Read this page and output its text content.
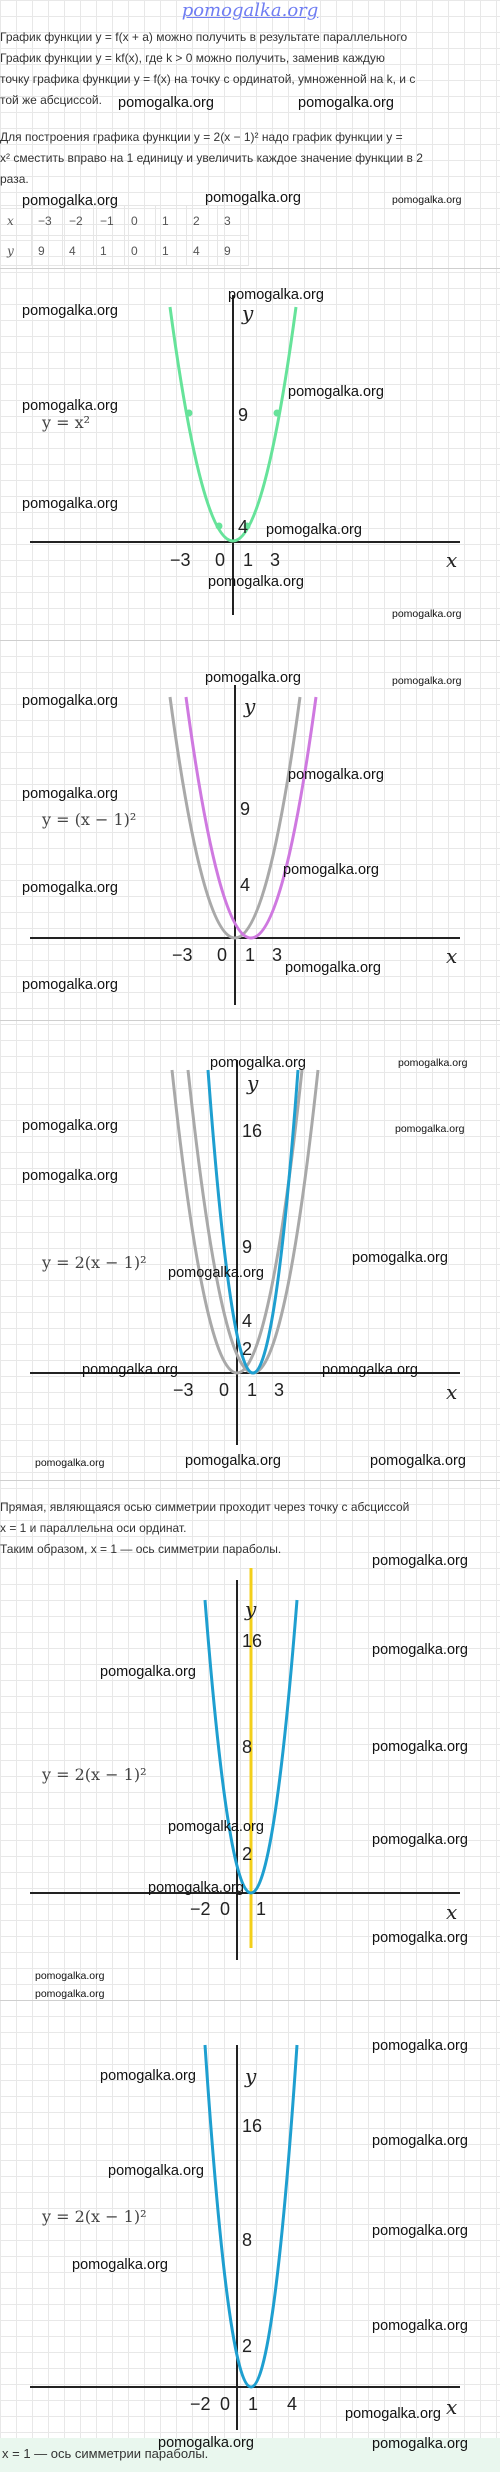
pomogalka.org
График функции y = f(x + a) можно получить в результате параллельного
График функции y = kf(x), где k > 0 можно получить, заменив каждую
точку графика функции y = f(x) на точку с ординатой, умноженной на k, и с
той же абсциссой.
Для построения графика функции y = 2(x − 1)² надо график функции y =
x² сместить вправо на 1 единицу и увеличить каждое значение функции в 2
раза.
x	−3	−2	−1	0	1	2	3
y	9	4	1	0	1	4	9
x
y
−3 0 1 3
4
9
y = x²
x
y
−3 0 1 3
4
9
y = (x − 1)²
x
y
−3 0 1 3
2
4
9
16
y = 2(x − 1)²
Прямая, являющаяся осью симметрии проходит через точку с абсциссой
x = 1 и параллельна оси ординат.
Таким образом, x = 1 — ось симметрии параболы.
x
y
−2 0 1
2
8
16
y = 2(x − 1)²
x
y
−2 0 1 4
2
8
16
y = 2(x − 1)²
x = 1 — ось симметрии параболы.
pomogalka.org	pomogalka.org
pomogalka.org	pomogalka.org	pomogalka.org
pomogalka.org
pomogalka.org
pomogalka.org
pomogalka.org
pomogalka.org
pomogalka.org
pomogalka.org
pomogalka.org
pomogalka.org	pomogalka.org
pomogalka.org
pomogalka.org
pomogalka.org
pomogalka.org
pomogalka.org
pomogalka.org
pomogalka.org
pomogalka.org	pomogalka.org
pomogalka.org	pomogalka.org
pomogalka.org
pomogalka.org
pomogalka.org
pomogalka.org	pomogalka.org
pomogalka.org	pomogalka.org	pomogalka.org
pomogalka.org
pomogalka.org
pomogalka.org
pomogalka.org
pomogalka.org
pomogalka.org
pomogalka.org
pomogalka.org
pomogalka.org
pomogalka.org
pomogalka.org
pomogalka.org
pomogalka.org
pomogalka.org
pomogalka.org
pomogalka.org
pomogalka.org
pomogalka.org
pomogalka.org	pomogalka.org
